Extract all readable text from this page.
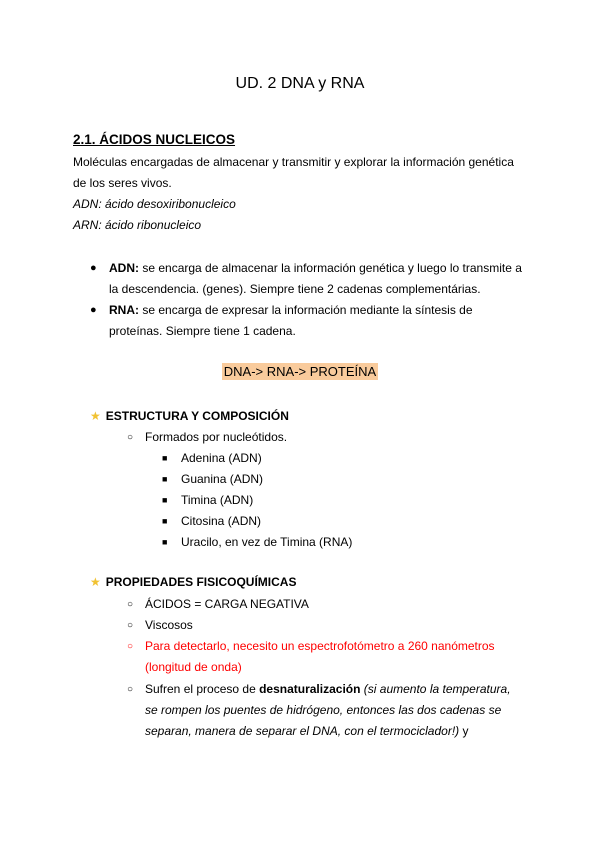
UD. 2 DNA y RNA
2.1. ÁCIDOS NUCLEICOS
Moléculas encargadas de almacenar y transmitir y explorar la información genética
de los seres vivos.
ADN: ácido desoxiribonucleico
ARN: ácido ribonucleico
● ADN: se encarga de almacenar la información genética y luego lo transmite a
la descendencia. (genes). Siempre tiene 2 cadenas complementárias.
● RNA: se encarga de expresar la información mediante la síntesis de
proteínas. Siempre tiene 1 cadena.
DNA-> RNA-> PROTEÍNA
★ ESTRUCTURA Y COMPOSICIÓN
○ Formados por nucleótidos.
■ Adenina (ADN)
■ Guanina (ADN)
■ Timina (ADN)
■ Citosina (ADN)
■ Uracilo, en vez de Timina (RNA)
★ PROPIEDADES FISICOQUÍMICAS
○ ÁCIDOS = CARGA NEGATIVA
○ Viscosos
○ Para detectarlo, necesito un espectrofotómetro a 260 nanómetros
(longitud de onda)
○ Sufren el proceso de desnaturalización (si aumento la temperatura,
se rompen los puentes de hidrógeno, entonces las dos cadenas se
separan, manera de separar el DNA, con el termociclador!) y
